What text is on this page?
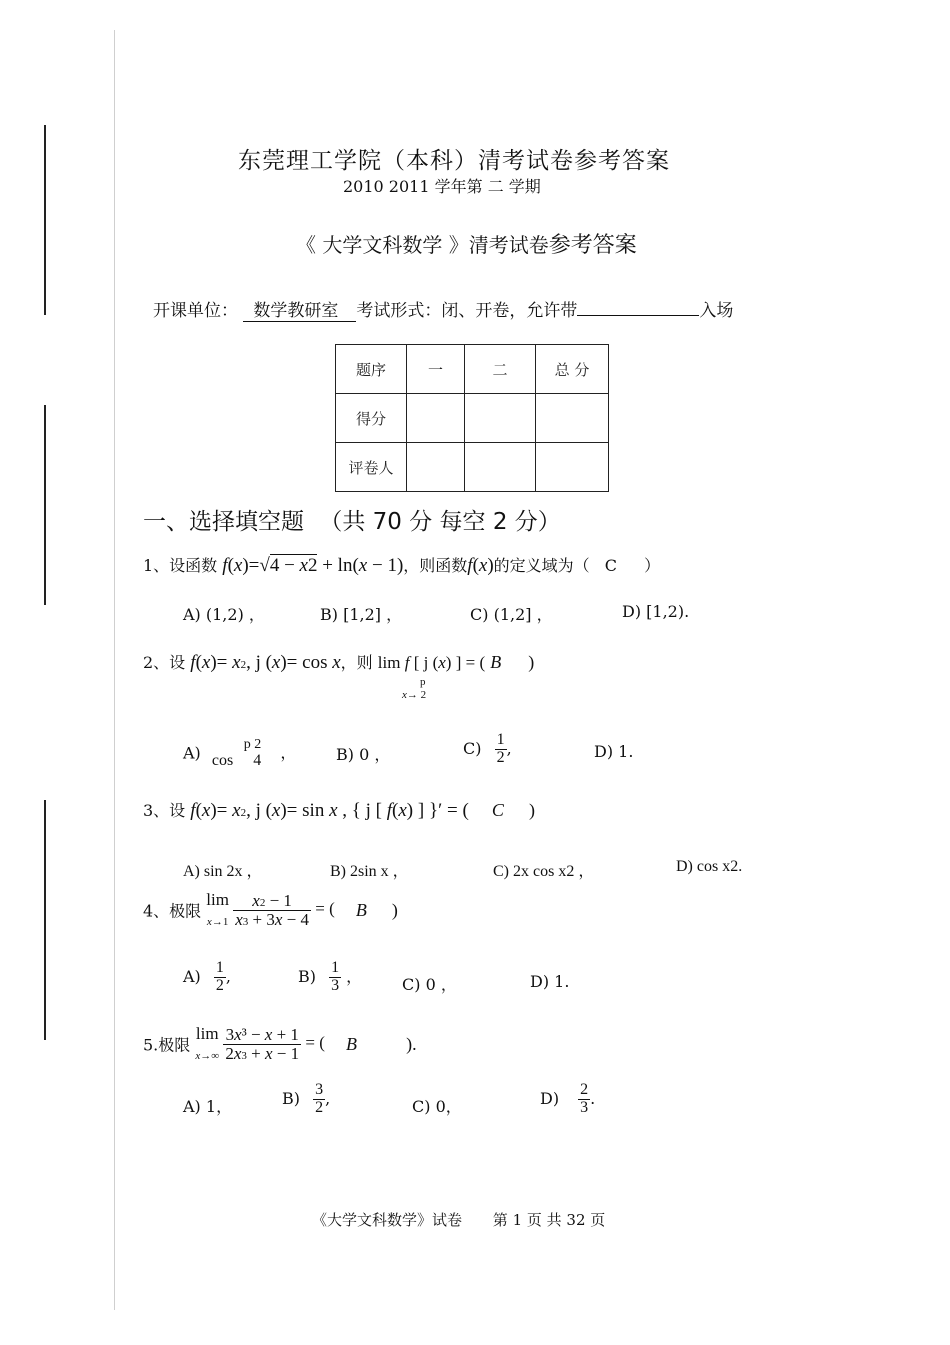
东莞理工学院（本科）清考试卷参考答案
2010 2011 学年第 二 学期
《 大学文科数学 》清考试卷参考答案
开课单位： 数学教研室 考试形式：闭、开卷，允许带	入场
题序	一	二	总 分
得分			
评卷人			
一、选择填空题 （共 70 分 每空 2 分）
1、设函数 f(x)=√4 − x2 + ln(x − 1)，则函数f(x)的定义域为（ C ）
A) (1,2) ，	B) [1,2] ，	C) (1,2] ，	D) [1,2).
2、设 f(x)= x2, j (x)= cos x，则 lim f [ j (x) ] = ( B )
p
x→ 2
A)	p 2
cos     4 ， B) 0 ，	$C) \frac{1}{2}$ ,	D) 1.
3、设 f(x)= x2, j (x)= sin x , { j [ f(x) ] }′ = ( C )
A) sin 2x ，	B) 2sin x ，	C) 2x cos x2 ，	D) cos x2.
4、极限 lim
$x\to 1 \frac{x2 - 1}{x3 + 3x - 4}$ = ( B )
$A) \frac{1}{2}$ ,	$B) \frac{1}{3}$ ， C) 0 ，	D) 1.
5.极限 lim
$x\to\infty \frac{\text{3x³ − x + 1}}{2x3 + x - 1}$ = ( B	).
A) 1，	$B) \frac{3}{2}$ ,	C) 0，	$D) \frac{2}{3}$ .
《大学文科数学》试卷 第 1 页 共 32 页
